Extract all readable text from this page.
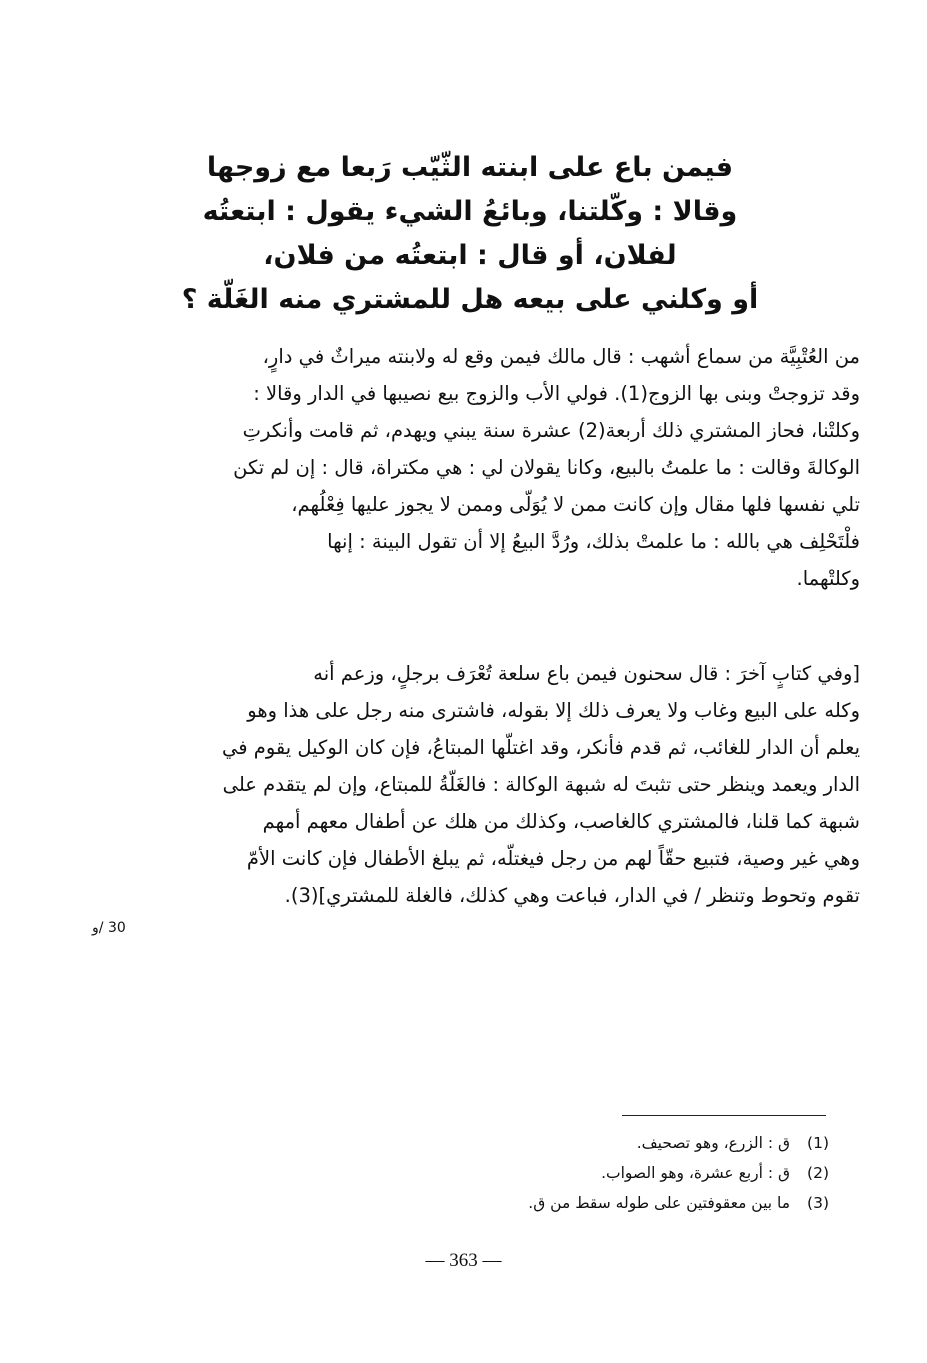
فيمن باع على ابنته الثّيّب رَبعا مع زوجها
وقالا : وكّلتنا، وبائعُ الشيء يقول : ابتعتُه
لفلان، أو قال : ابتعتُه من فلان،
أو وكلني على بيعه هل للمشتري منه الغَلّة ؟
من العُتْبِيَّة من سماع أشهب : قال مالك فيمن وقع له ولابنته ميراثٌ في دارٍ،
وقد تزوجتْ وبنى بها الزوج(1). فولي الأب والزوج بيع نصيبها في الدار وقالا :
وكلتْنا، فحاز المشتري ذلك أربعة(2) عشرة سنة يبني ويهدم، ثم قامت وأنكرتِ
الوكالةَ وقالت : ما علمتُ بالبيع، وكانا يقولان لي : هي مكتراة، قال : إن لم تكن
تلي نفسها فلها مقال وإن كانت ممن لا يُوَلّى وممن لا يجوز عليها فِعْلُهم،
فلْتَحْلِف هي بالله : ما علمتْ بذلك، ورُدَّ البيعُ إلا أن تقول البينة : إنها
وكلتْهما.
[وفي كتابٍ آخرَ : قال سحنون فيمن باع سلعة تُعْرَف برجلٍ، وزعم أنه
وكله على البيع وغاب ولا يعرف ذلك إلا بقوله، فاشترى منه رجل على هذا وهو
يعلم أن الدار للغائب، ثم قدم فأنكر، وقد اغتلّها المبتاعُ، فإن كان الوكيل يقوم في
الدار ويعمد وينظر حتى تثبتَ له شبهة الوكالة : فالغَلّةُ للمبتاع، وإن لم يتقدم على
شبهة كما قلنا، فالمشتري كالغاصب، وكذلك من هلك عن أطفال معهم أمهم
وهي غير وصية، فتبيع حقّاً لهم من رجل فيغتلّه، ثم يبلغ الأطفال فإن كانت الأمّ
تقوم وتحوط وتنظر / في الدار، فباعت وهي كذلك، فالغلة للمشتري](3).
30 /و
(1) ق : الزرع، وهو تصحيف.
(2) ق : أربع عشرة، وهو الصواب.
(3) ما بين معقوفتين على طوله سقط من ق.
— 363 —
